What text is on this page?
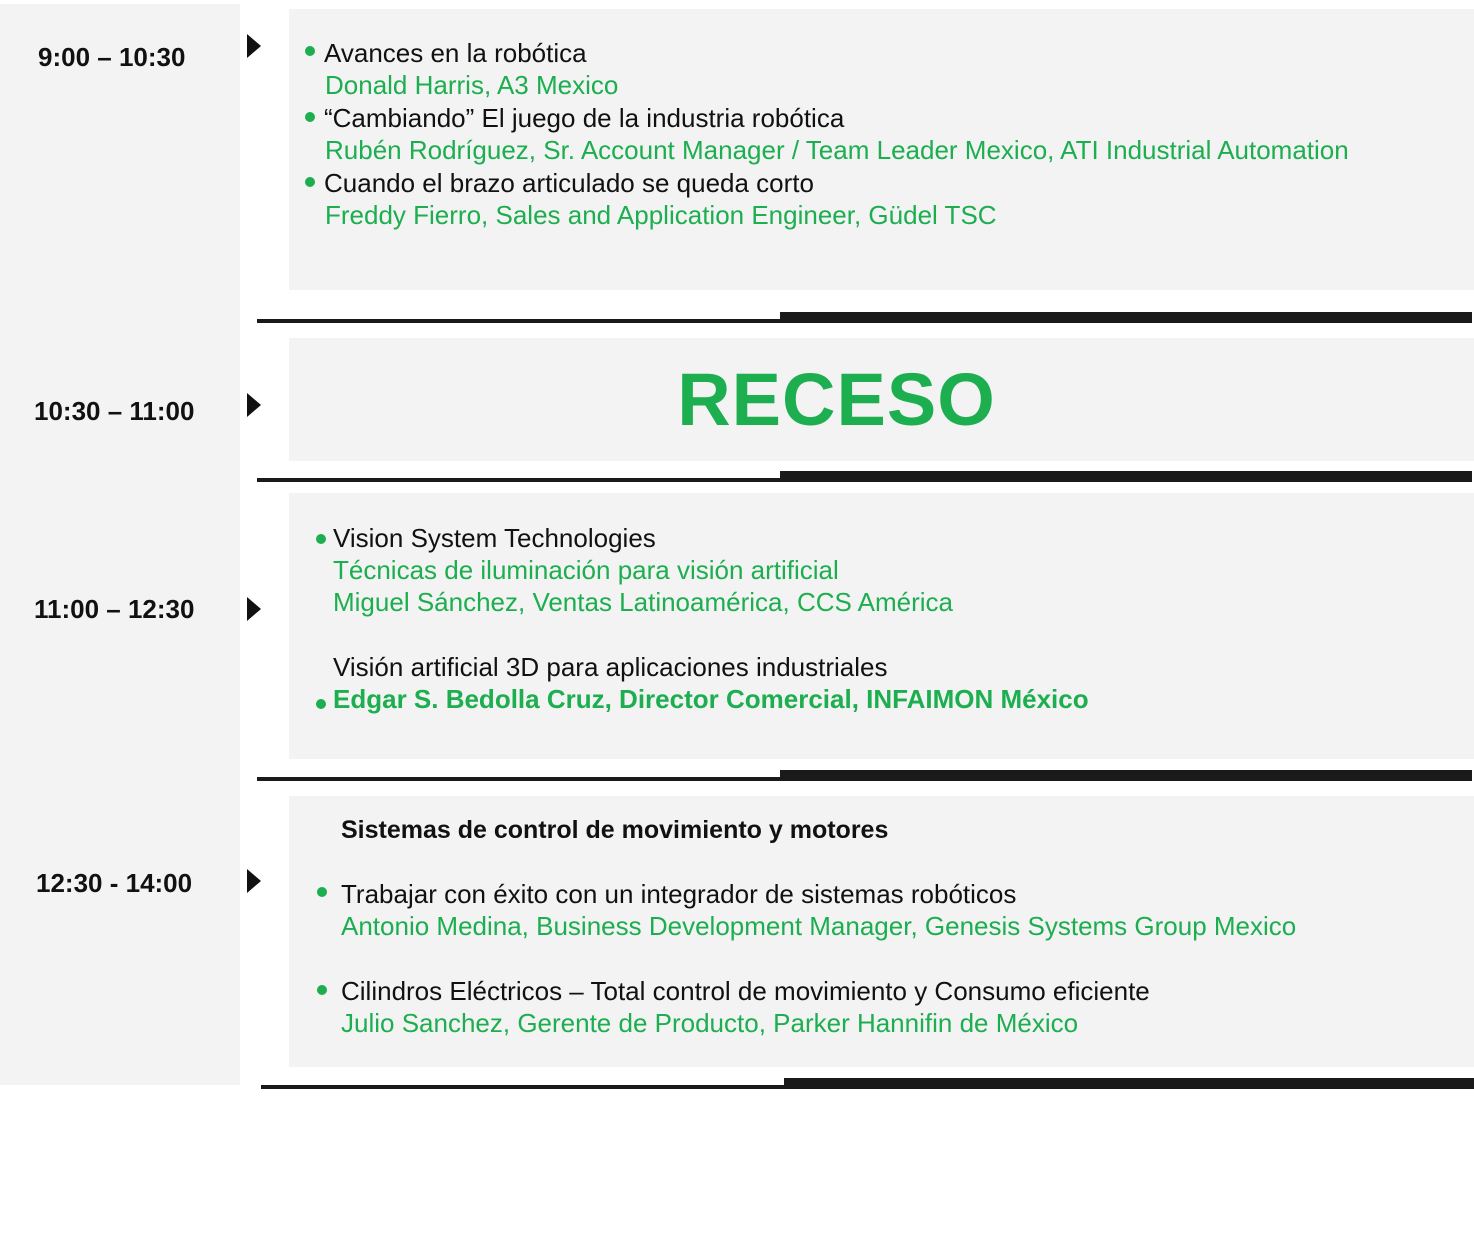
9:00 – 10:30	Avances en la robótica
Donald Harris, A3 Mexico
“Cambiando” El juego de la industria robótica
Rubén Rodríguez, Sr. Account Manager / Team Leader Mexico, ATI Industrial Automation
Cuando el brazo articulado se queda corto
Freddy Fierro, Sales and Application Engineer, Güdel TSC
10:30 – 11:00	RECESO
11:00 – 12:30
Vision System Technologies
Técnicas de iluminación para visión artificial
Miguel Sánchez, Ventas Latinoamérica, CCS América
Visión artificial 3D para aplicaciones industriales
Edgar S. Bedolla Cruz, Director Comercial, INFAIMON México
12:30 - 14:00
Sistemas de control de movimiento y motores
Trabajar con éxito con un integrador de sistemas robóticos
Antonio Medina, Business Development Manager, Genesis Systems Group Mexico
Cilindros Eléctricos – Total control de movimiento y Consumo eficiente
Julio Sanchez, Gerente de Producto, Parker Hannifin de México
